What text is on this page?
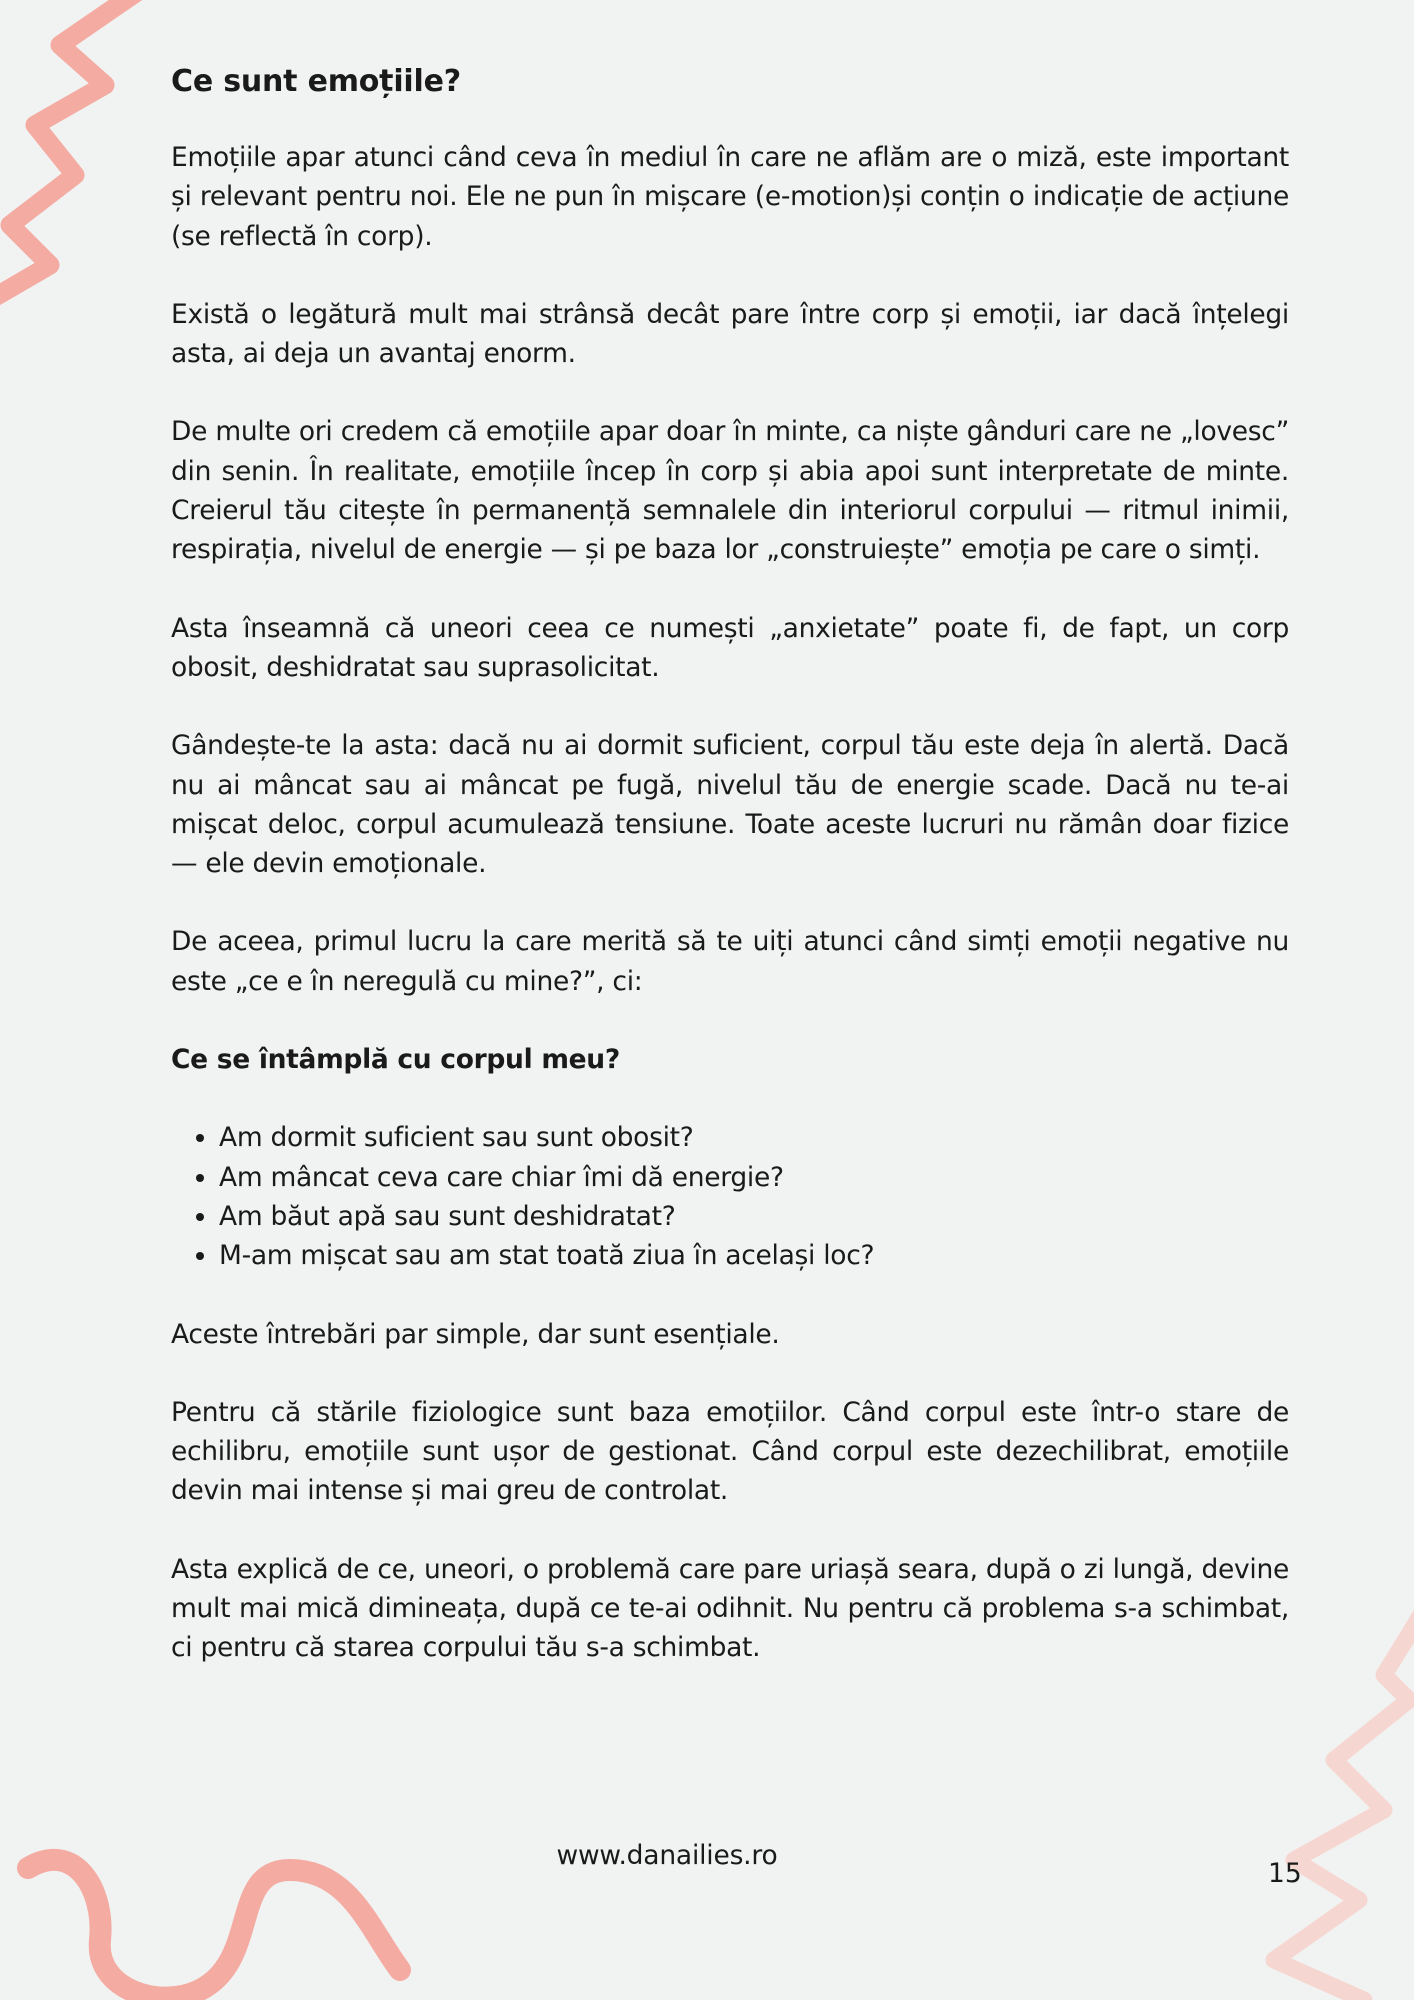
Ce sunt emoțiile?

Emoțiile apar atunci când ceva în mediul în care ne aflăm are o miză, este important și relevant pentru noi. Ele ne pun în mișcare (e-motion)și conțin o indicație de acțiune (se reflectă în corp).

Există o legătură mult mai strânsă decât pare între corp și emoții, iar dacă înțelegi asta, ai deja un avantaj enorm.

De multe ori credem că emoțiile apar doar în minte, ca niște gânduri care ne „lovesc” din senin. În realitate, emoțiile încep în corp și abia apoi sunt interpretate de minte. Creierul tău citește în permanență semnalele din interiorul corpului — ritmul inimii, respirația, nivelul de energie — și pe baza lor „construiește” emoția pe care o simți.

Asta înseamnă că uneori ceea ce numești „anxietate” poate fi, de fapt, un corp obosit, deshidratat sau suprasolicitat.

Gândește-te la asta: dacă nu ai dormit suficient, corpul tău este deja în alertă. Dacă nu ai mâncat sau ai mâncat pe fugă, nivelul tău de energie scade. Dacă nu te-ai mișcat deloc, corpul acumulează tensiune. Toate aceste lucruri nu rămân doar fizice — ele devin emoționale.

De aceea, primul lucru la care merită să te uiți atunci când simți emoții negative nu este „ce e în neregulă cu mine?”, ci:

Ce se întâmplă cu corpul meu?

• Am dormit suficient sau sunt obosit?
• Am mâncat ceva care chiar îmi dă energie?
• Am băut apă sau sunt deshidratat?
• M-am mișcat sau am stat toată ziua în același loc?

Aceste întrebări par simple, dar sunt esențiale.

Pentru că stările fiziologice sunt baza emoțiilor. Când corpul este într-o stare de echilibru, emoțiile sunt ușor de gestionat. Când corpul este dezechilibrat, emoțiile devin mai intense și mai greu de controlat.

Asta explică de ce, uneori, o problemă care pare uriașă seara, după o zi lungă, devine mult mai mică dimineața, după ce te-ai odihnit. Nu pentru că problema s-a schimbat, ci pentru că starea corpului tău s-a schimbat.

www.danailies.ro
15
